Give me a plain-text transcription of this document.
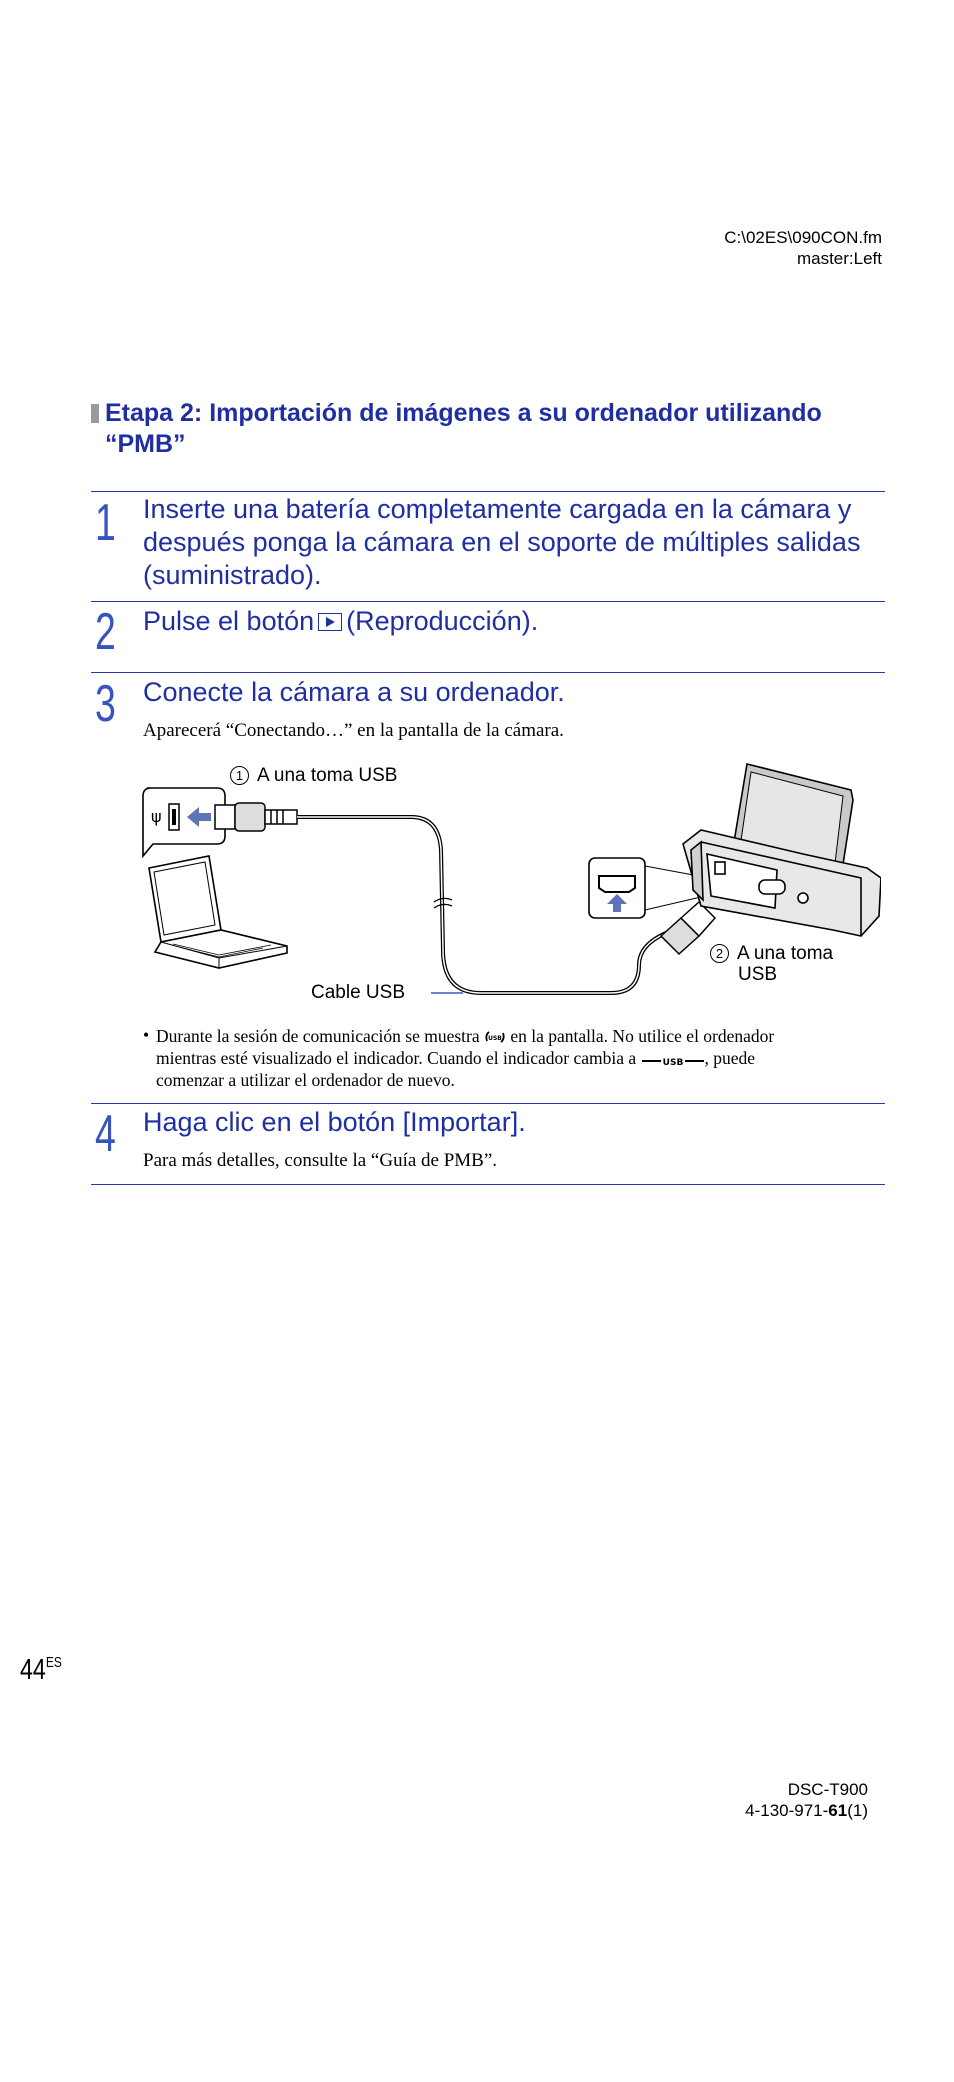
C:\02ES\090CON.fm
master:Left
Etapa 2: Importación de imágenes a su ordenador utilizando
“PMB”
1 Inserte una batería completamente cargada en la cámara y
después ponga la cámara en el soporte de múltiples salidas
(suministrado).
2 Pulse el botón (Reproducción).
3 Conecte la cámara a su ordenador.
Aparecerá “Conectando…” en la pantalla de la cámara.
ψ
1 A una toma USB
2 A una toma
USB
Cable USB
• Durante la sesión de comunicación se muestra USB en la pantalla. No utilice el ordenador
mientras esté visualizado el indicador. Cuando el indicador cambia a	USB , puede
comenzar a utilizar el ordenador de nuevo.
4 Haga clic en el botón [Importar].
Para más detalles, consulte la “Guía de PMB”.
$44^{ES}$
DSC-T900
4-130-971-61(1)
